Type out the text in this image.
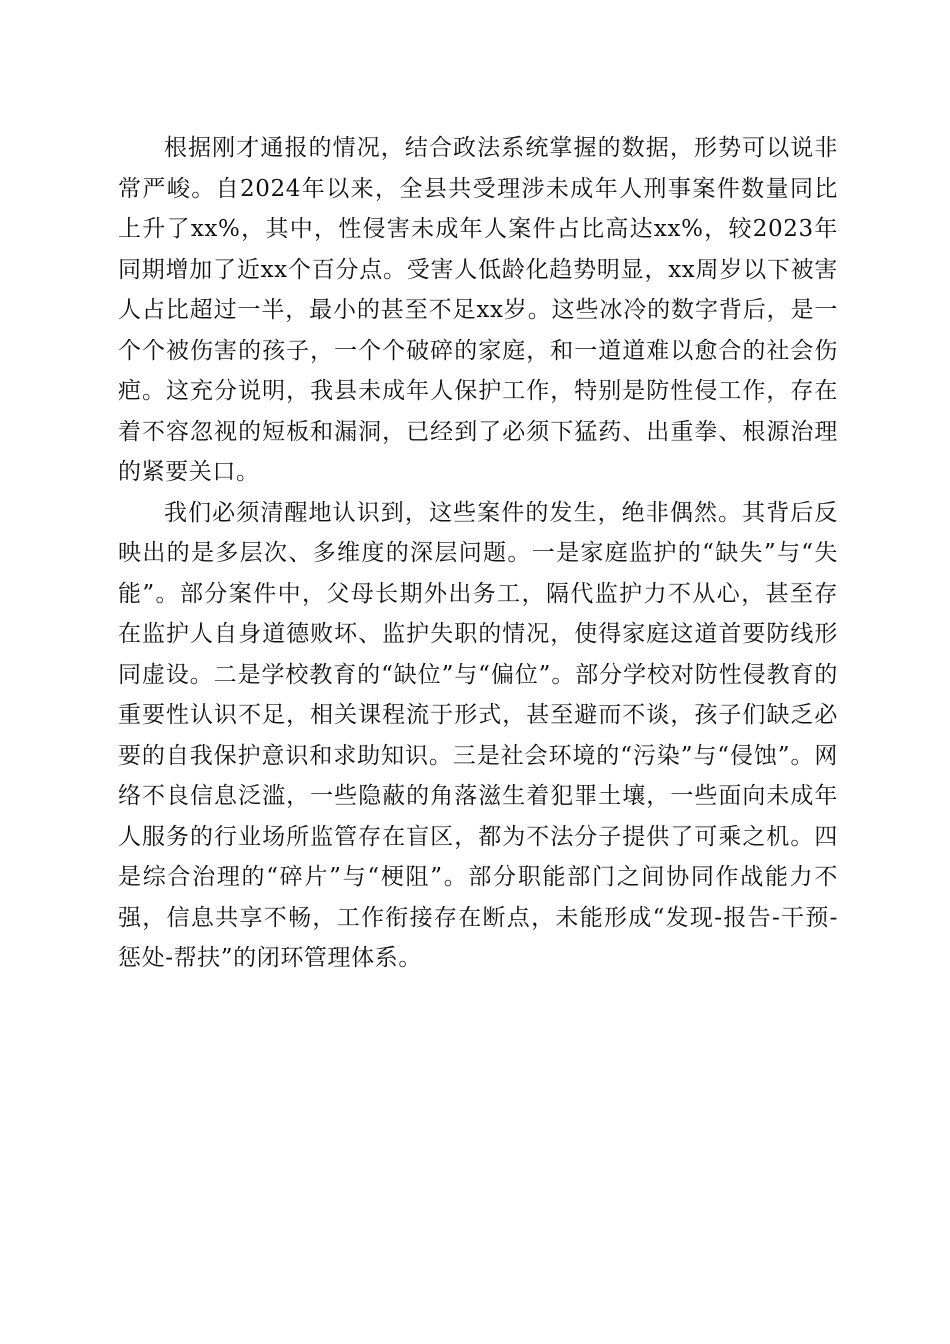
根据刚才通报的情况，结合政法系统掌握的数据，形势可以说非常严峻。自2024年以来，全县共受理涉未成年人刑事案件数量同比上升了xx%，其中，性侵害未成年人案件占比高达xx%，较2023年同期增加了近xx个百分点。受害人低龄化趋势明显，xx周岁以下被害人占比超过一半，最小的甚至不足xx岁。这些冰冷的数字背后，是一个个被伤害的孩子，一个个破碎的家庭，和一道道难以愈合的社会伤疤。这充分说明，我县未成年人保护工作，特别是防性侵工作，存在着不容忽视的短板和漏洞，已经到了必须下猛药、出重拳、根源治理的紧要关口。

我们必须清醒地认识到，这些案件的发生，绝非偶然。其背后反映出的是多层次、多维度的深层问题。一是家庭监护的“缺失”与“失能”。部分案件中，父母长期外出务工，隔代监护力不从心，甚至存在监护人自身道德败坏、监护失职的情况，使得家庭这道首要防线形同虚设。二是学校教育的“缺位”与“偏位”。部分学校对防性侵教育的重要性认识不足，相关课程流于形式，甚至避而不谈，孩子们缺乏必要的自我保护意识和求助知识。三是社会环境的“污染”与“侵蚀”。网络不良信息泛滥，一些隐蔽的角落滋生着犯罪土壤，一些面向未成年人服务的行业场所监管存在盲区，都为不法分子提供了可乘之机。四是综合治理的“碎片”与“梗阻”。部分职能部门之间协同作战能力不强，信息共享不畅，工作衔接存在断点，未能形成“发现-报告-干预-惩处-帮扶”的闭环管理体系。
